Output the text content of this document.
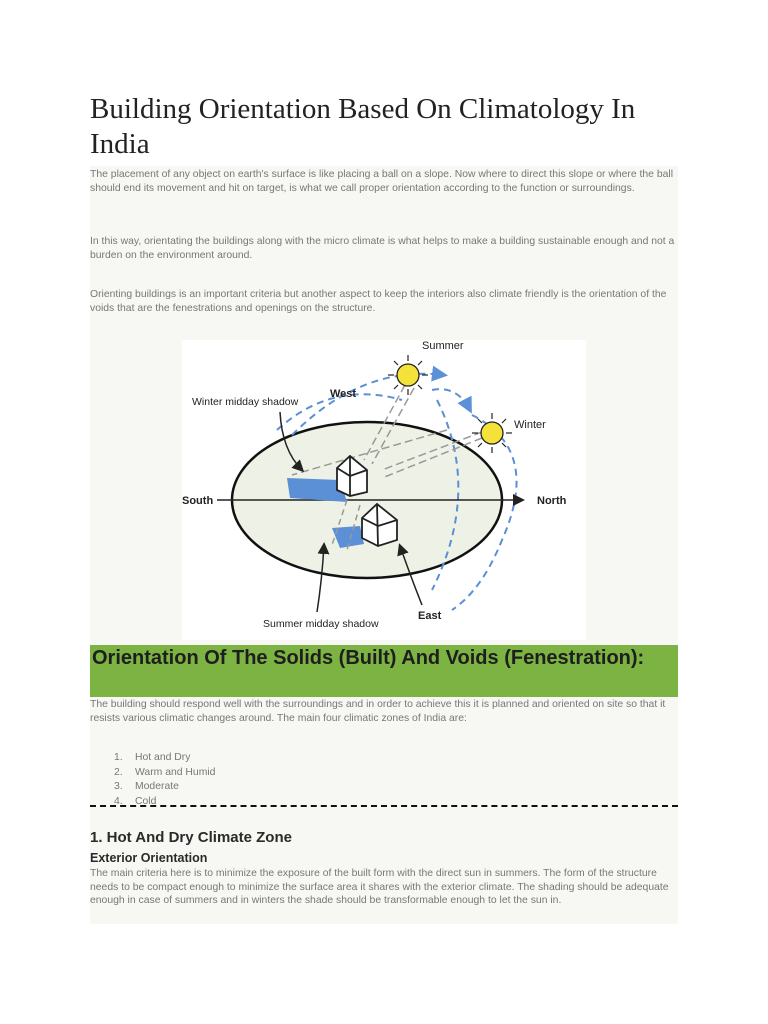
Building Orientation Based On Climatology In India

The placement of any object on earth's surface is like placing a ball on a slope. Now where to direct this slope or where the ball should end its movement and hit on target, is what we call proper orientation according to the function or surroundings.

In this way, orientating the buildings along with the micro climate is what helps to make a building sustainable enough and not a burden on the environment around.

Orienting buildings is an important criteria but another aspect to keep the interiors also climate friendly is the orientation of the voids that are the fenestrations and openings on the structure.

Summer
Winter
West
East
South	North
Winter midday shadow
Summer midday shadow
Orientation Of The Solids (Built) And Voids (Fenestration):

The building should respond well with the surroundings and in order to achieve this it is planned and oriented on site so that it resists various climatic changes around. The main four climatic zones of India are:

1.	Hot and Dry
2.	Warm and Humid
3.	Moderate
4.	Cold
1. Hot And Dry Climate Zone
Exterior Orientation

The main criteria here is to minimize the exposure of the built form with the direct sun in summers. The form of the structure needs to be compact enough to minimize the surface area it shares with the exterior climate. The shading should be adequate enough in case of summers and in winters the shade should be transformable enough to let the sun in.
